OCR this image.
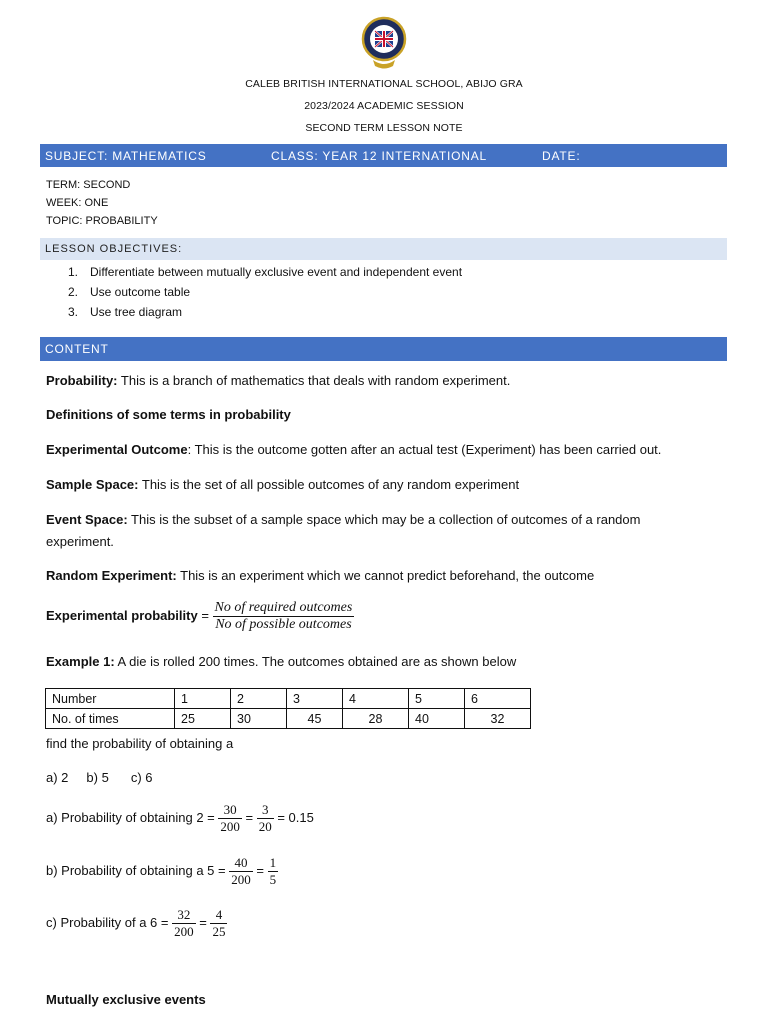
CALEB BRITISH INTERNATIONAL SCHOOL, ABIJO GRA
2023/2024 ACADEMIC SESSION
SECOND TERM LESSON NOTE
SUBJECT: MATHEMATICS	CLASS: YEAR 12 INTERNATIONAL	DATE:
TERM: SECOND
WEEK: ONE
TOPIC: PROBABILITY
LESSON OBJECTIVES:
1. Differentiate between mutually exclusive event and independent event
2. Use outcome table
3. Use tree diagram
CONTENT
Probability: This is a branch of mathematics that deals with random experiment.
Definitions of some terms in probability
Experimental Outcome: This is the outcome gotten after an actual test (Experiment) has been carried out.
Sample Space: This is the set of all possible outcomes of any random experiment
Event Space: This is the subset of a sample space which may be a collection of outcomes of a random
experiment.
Random Experiment: This is an experiment which we cannot predict beforehand, the outcome
Experimental probability = $\frac{\text{No of required outcomes}}{\text{No of possible outcomes}}$
Example 1: A die is rolled 200 times. The outcomes obtained are as shown below
Number	1	2	3	4	5	6
No. of times	25	30	45	28	40	32
find the probability of obtaining a
a) 2 b) 5 c) 6
a) Probability of obtaining $2 = \frac{30}{200} = \frac{3}{20} = 0.15$
b) Probability of obtaining a $5 = \frac{40}{200} = \frac{1}{5}$
c) Probability of a $6 = \frac{32}{200} = \frac{4}{25}$
Mutually exclusive events
